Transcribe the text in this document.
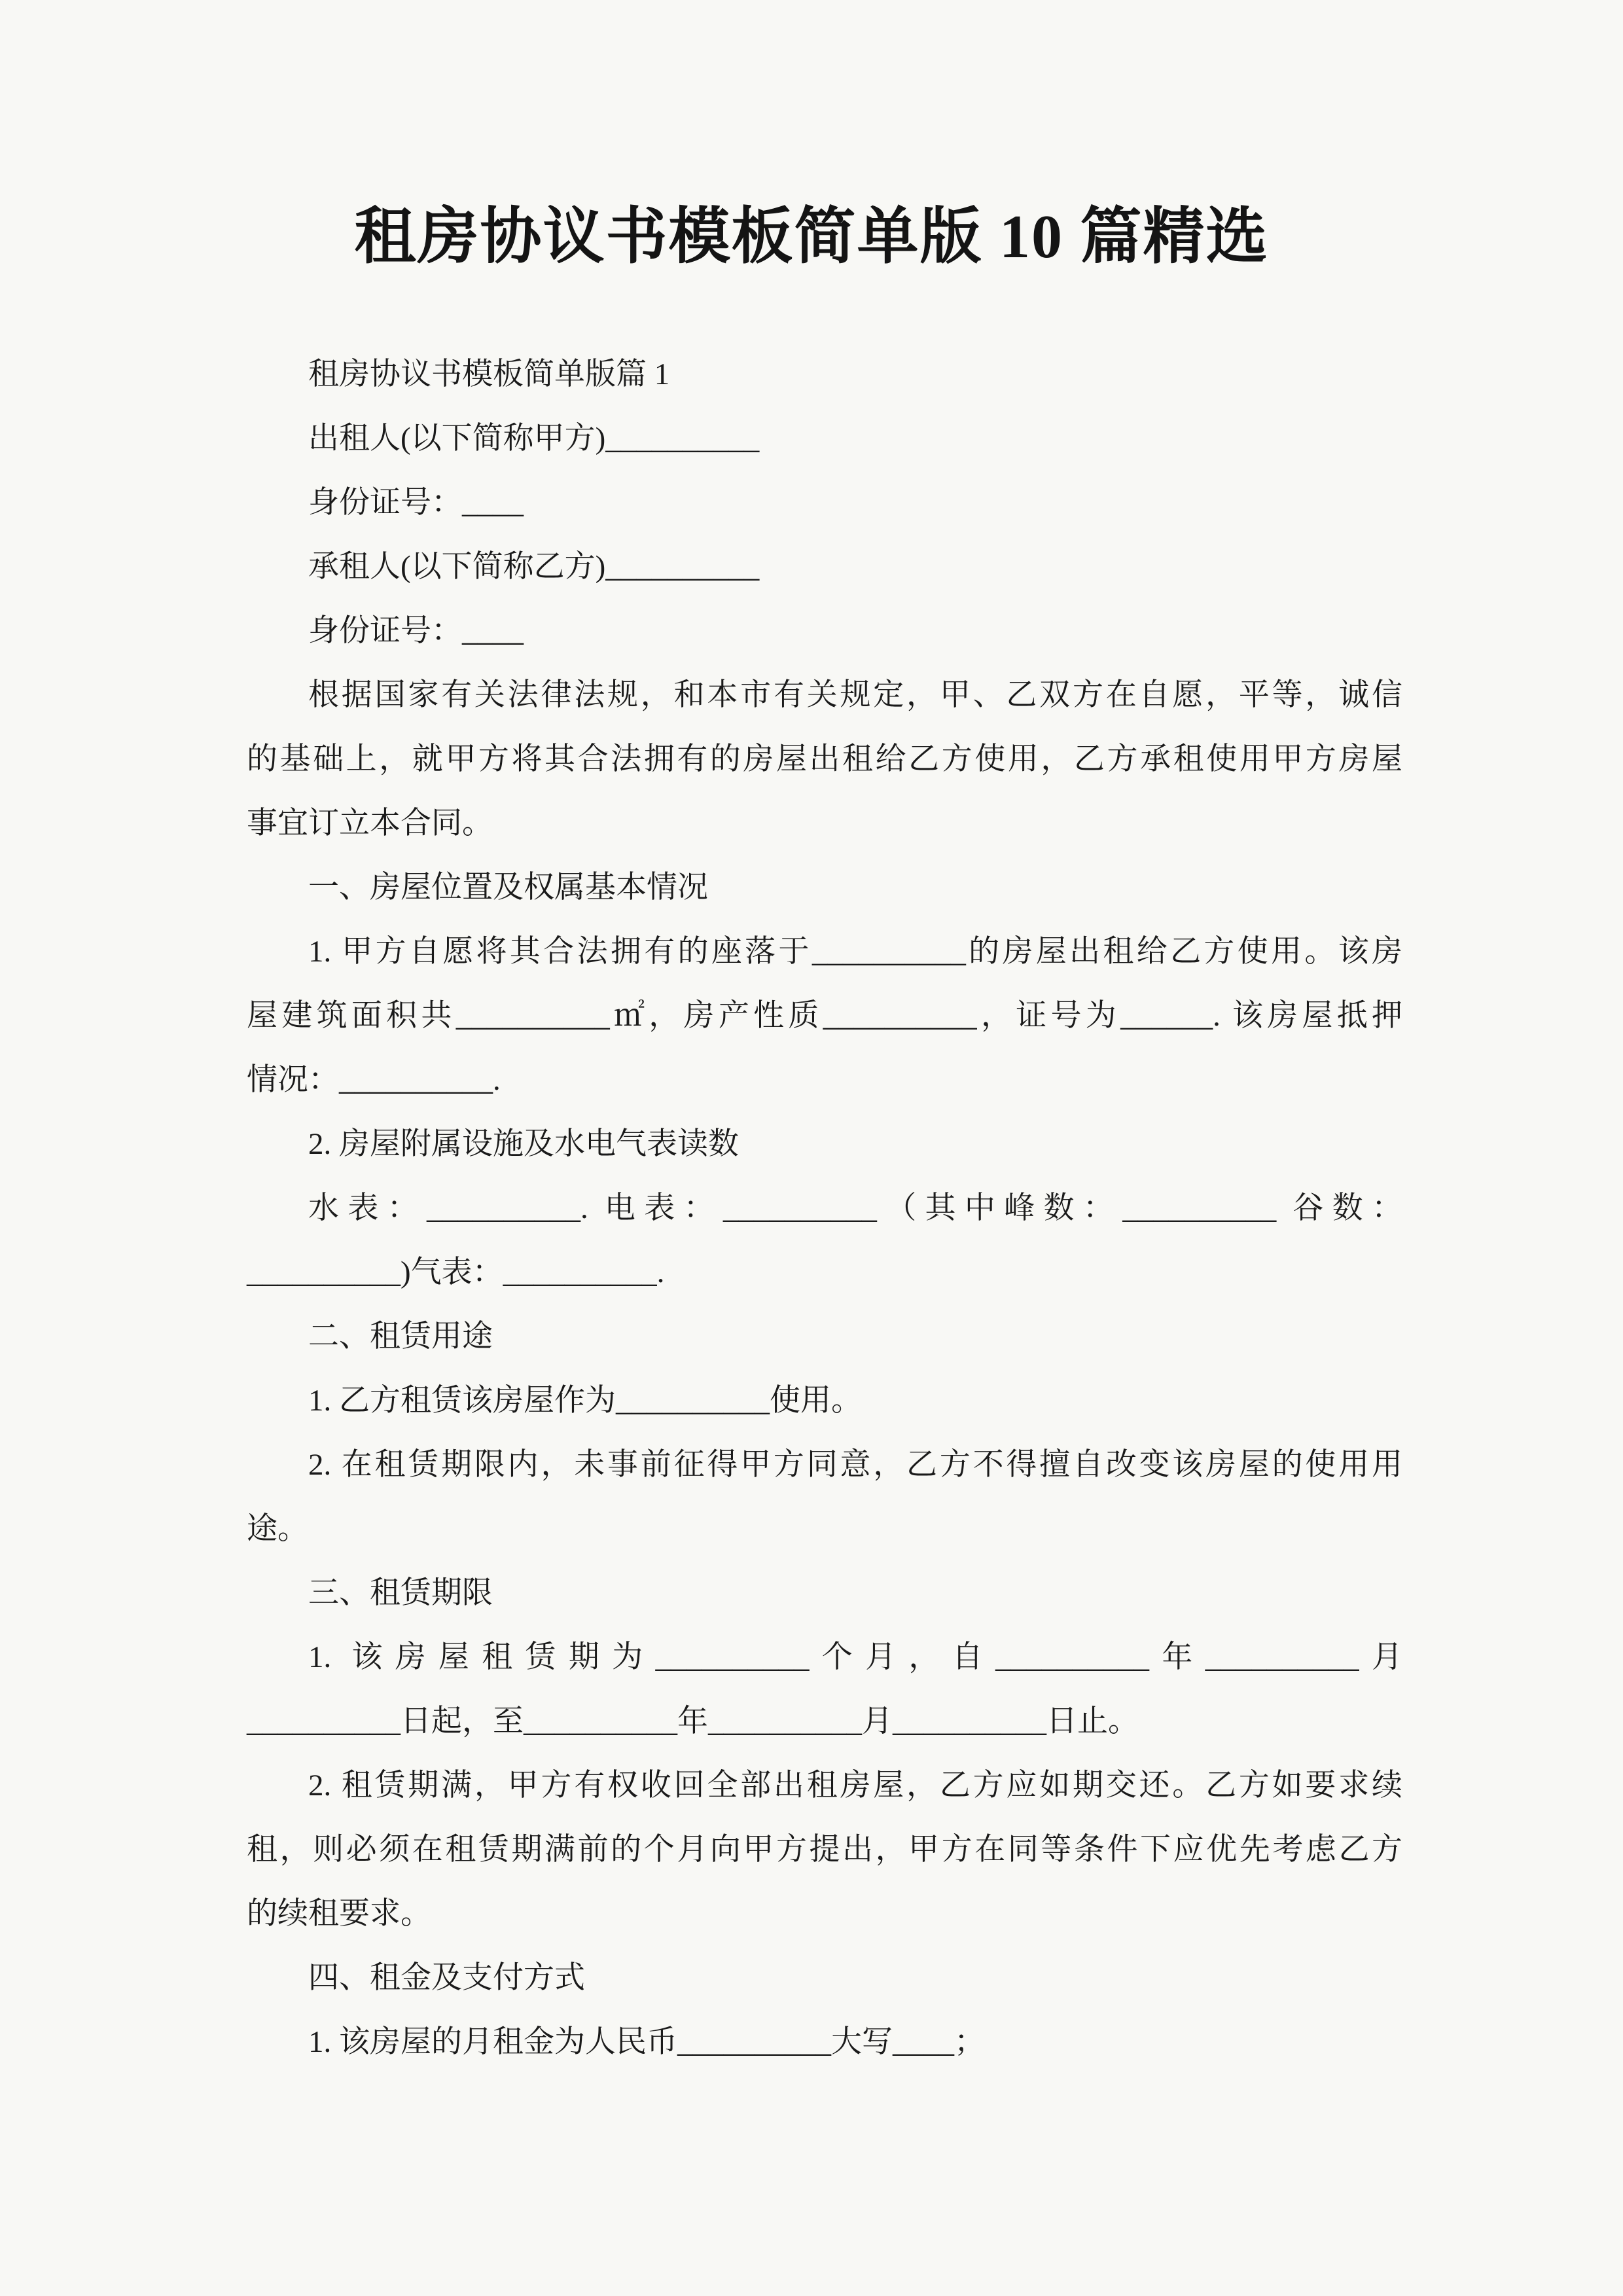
租房协议书模板简单版 10 篇精选
租房协议书模板简单版篇 1
出租人(以下简称甲方)__________
身份证号：____
承租人(以下简称乙方)__________
身份证号：____
根据国家有关法律法规，和本市有关规定，甲、乙双方在自愿，平等，诚信
的基础上，就甲方将其合法拥有的房屋出租给乙方使用，乙方承租使用甲方房屋
事宜订立本合同。
一、房屋位置及权属基本情况
1. 甲方自愿将其合法拥有的座落于__________的房屋出租给乙方使用。该房
屋建筑面积共__________㎡，房产性质__________，证号为______. 该房屋抵押
情况：__________.
2. 房屋附属设施及水电气表读数
水表：__________. 电表：__________（其中峰数：__________ 谷数：
__________)气表：__________.
二、租赁用途
1. 乙方租赁该房屋作为__________使用。
2. 在租赁期限内，未事前征得甲方同意，乙方不得擅自改变该房屋的使用用
途。
三、租赁期限
1. 该房屋租赁期为__________个月，自__________年__________月
__________日起，至__________年__________月__________日止。
2. 租赁期满，甲方有权收回全部出租房屋，乙方应如期交还。乙方如要求续
租，则必须在租赁期满前的个月向甲方提出，甲方在同等条件下应优先考虑乙方
的续租要求。
四、租金及支付方式
1. 该房屋的月租金为人民币__________大写____；
